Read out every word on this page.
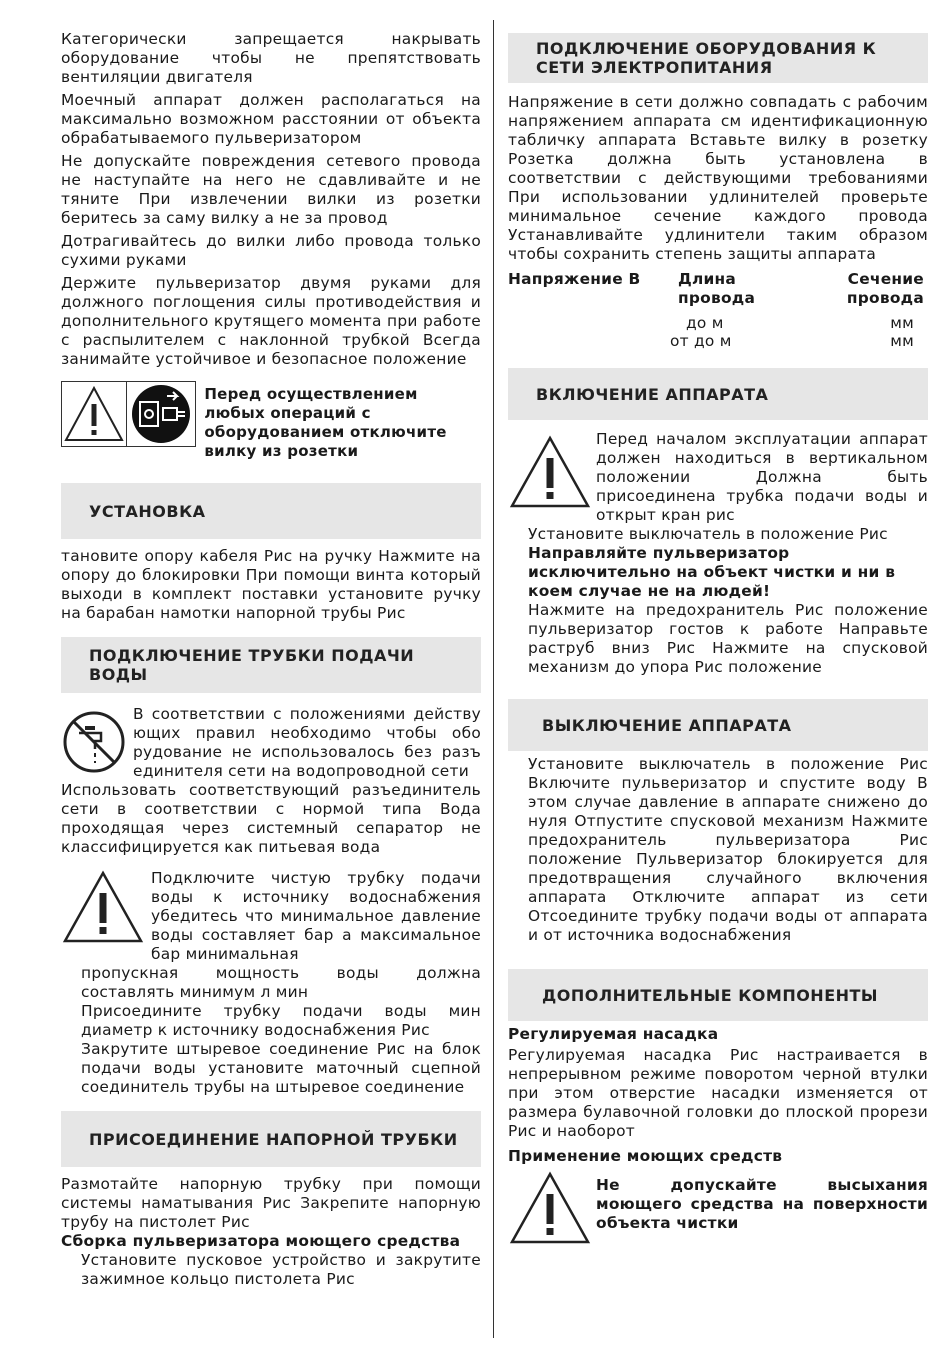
Категорически запрещается накрывать оборудование чтобы не препятствовать вентиляции двигателя

Моечный аппарат должен располагаться на максимально возможном расстоянии от объекта обрабатываемого пульверизатором

Не допускайте повреждения сетевого провода не наступайте на него не сдавливайте и не тяните При извлечении вилки из розетки беритесь за саму вилку а не за провод

Дотрагивайтесь до вилки либо провода только сухими руками

Держите пульверизатор двумя руками для должного поглощения силы противодействия и дополнительного крутящего момента при работе с распылителем с наклонной трубкой Всегда занимайте устойчивое и безопасное положение

Перед осуществлением любых операций с оборудованием отключите вилку из розетки

УСТАНОВКА

тановите опору кабеля Рис на ручку Нажмите на опору до блокировки При помощи винта который выходи в комплект поставки установите ручку на барабан намотки напорной трубы Рис

ПОДКЛЮЧЕНИЕ ТРУБКИ ПОДАЧИ ВОДЫ

В соответствии с положениями действу ющих правил необходимо чтобы обо рудование не использовалось без разъ единителя сети на водопроводной сети

Использовать соответствующий разъединитель сети в соответствии с нормой типа Вода проходящая через системный сепаратор не классифицируется как питьевая вода

Подключите чистую трубку подачи воды к источнику водоснабжения убедитесь что минимальное давление воды составляет бар а максимальное бар минимальная

пропускная мощность воды должна составлять минимум л мин

Присоедините трубку подачи воды мин диаметр к источнику водоснабжения Рис

Закрутите штыревое соединение Рис на блок подачи воды установите маточный сцепной соединитель трубы на штыревое соединение

ПРИСОЕДИНЕНИЕ НАПОРНОЙ ТРУБКИ

Размотайте напорную трубку при помощи системы наматывания Рис Закрепите напорную трубу на пистолет Рис

Сборка пульверизатора моющего средства

Установите пусковое устройство и закрутите зажимное кольцо пистолета Рис

ПОДКЛЮЧЕНИЕ ОБОРУДОВАНИЯ К СЕТИ ЭЛЕКТРОПИТАНИЯ

Напряжение в сети должно совпадать с рабочим напряжением аппарата см идентификационную табличку аппарата Вставьте вилку в розетку Розетка должна быть установлена в соответствии с действующими требованиями При использовании удлинителей проверьте минимальное сечение каждого провода Устанавливайте удлинители таким образом чтобы сохранить степень защиты аппарата

Напряжение В Длина
провода
Сечение
провода
до м	мм
от до м	мм
ВКЛЮЧЕНИЕ АППАРАТА

Перед началом эксплуатации аппарат должен находиться в вертикальном положении Должна быть присоединена трубка подачи воды и открыт кран рис

Установите выключатель в положение Рис

Направляйте пульверизатор исключительно на объект чистки и ни в коем случае не на людей!

Нажмите на предохранитель Рис положение пульверизатор гостов к работе Направьте раструб вниз Рис Нажмите на спусковой механизм до упора Рис положение

ВЫКЛЮЧЕНИЕ АППАРАТА

Установите выключатель в положение Рис Включите пульверизатор и спустите воду В этом случае давление в аппарате снижено до нуля Отпустите спусковой механизм Нажмите предохранитель пульверизатора Рис положение Пульверизатор блокируется для предотвращения случайного включения аппарата Отключите аппарат из сети Отсоедините трубку подачи воды от аппарата и от источника водоснабжения

ДОПОЛНИТЕЛЬНЫЕ КОМПОНЕНТЫ

Регулируемая насадка

Регулируемая насадка Рис настраивается в непрерывном режиме поворотом черной втулки при этом отверстие насадки изменяется от размера булавочной головки до плоской прорези Рис и наоборот

Применение моющих средств

Не допускайте высыхания моющего средства на поверхности объекта чистки
